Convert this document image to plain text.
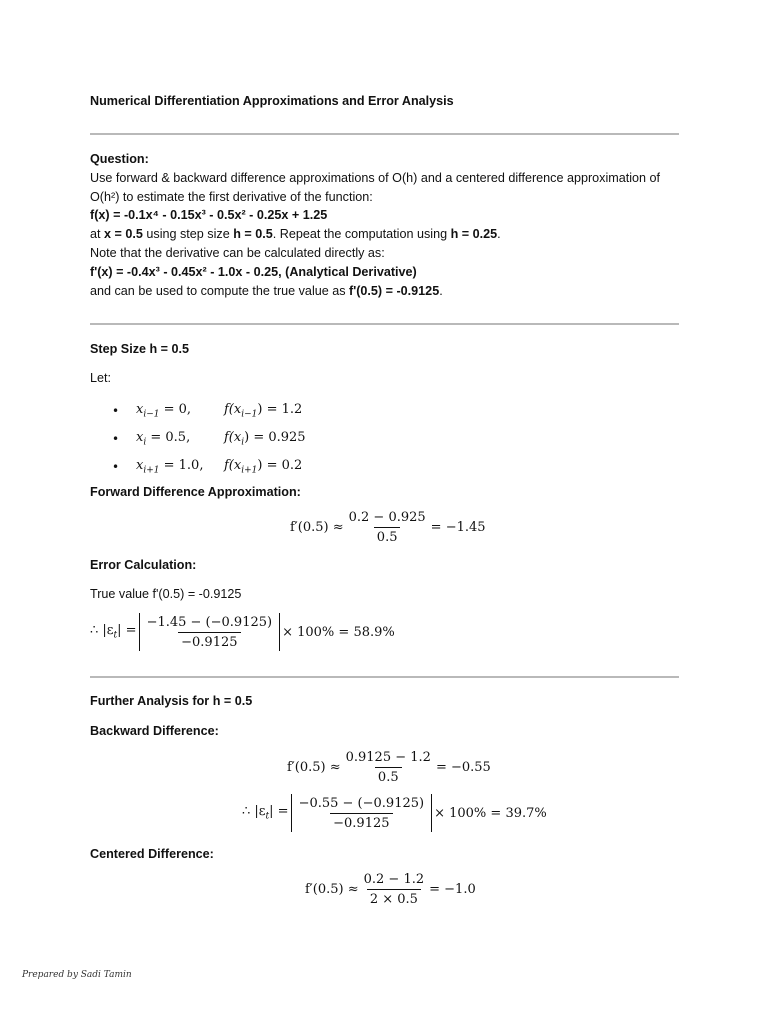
Numerical Differentiation Approximations and Error Analysis
Question:
Use forward & backward difference approximations of O(h) and a centered difference approximation of
O(h²) to estimate the first derivative of the function:
f(x) = -0.1x⁴ - 0.15x³ - 0.5x² - 0.25x + 1.25
at x = 0.5 using step size h = 0.5. Repeat the computation using h = 0.25.
Note that the derivative can be calculated directly as:
f'(x) = -0.4x³ - 0.45x² - 1.0x - 0.25, (Analytical Derivative)
and can be used to compute the true value as f'(0.5) = -0.9125.
Step Size h = 0.5
Let:
•	$x_{i-1} = 0$,	$f(x_{i-1}) = 1.2$
•	$x_i = 0.5$,	$f(x_i) = 0.925$
•	$x_{i+1} = 1.0$,	$f(x_{i+1}) = 0.2$
Forward Difference Approximation:
$f'(0.5) \approx \frac{0.2 - 0.925}{0.5} = -1.45$
Error Calculation:
True value f'(0.5) = -0.9125
∴ $|\varepsilon_t| = \frac{-1.45 - (-0.9125)}{-0.9125} \times 100\% = 58.9\%$
Further Analysis for h = 0.5
Backward Difference:
$f'(0.5) \approx \frac{0.9125 - 1.2}{0.5} = -0.55$
∴ $|\varepsilon_t| = \frac{-0.55 - (-0.9125)}{-0.9125} \times 100\% = 39.7\%$
Centered Difference:
$f'(0.5) \approx \frac{0.2 - 1.2}{2 \times 0.5} = -1.0$
Prepared by Sadi Tamin
